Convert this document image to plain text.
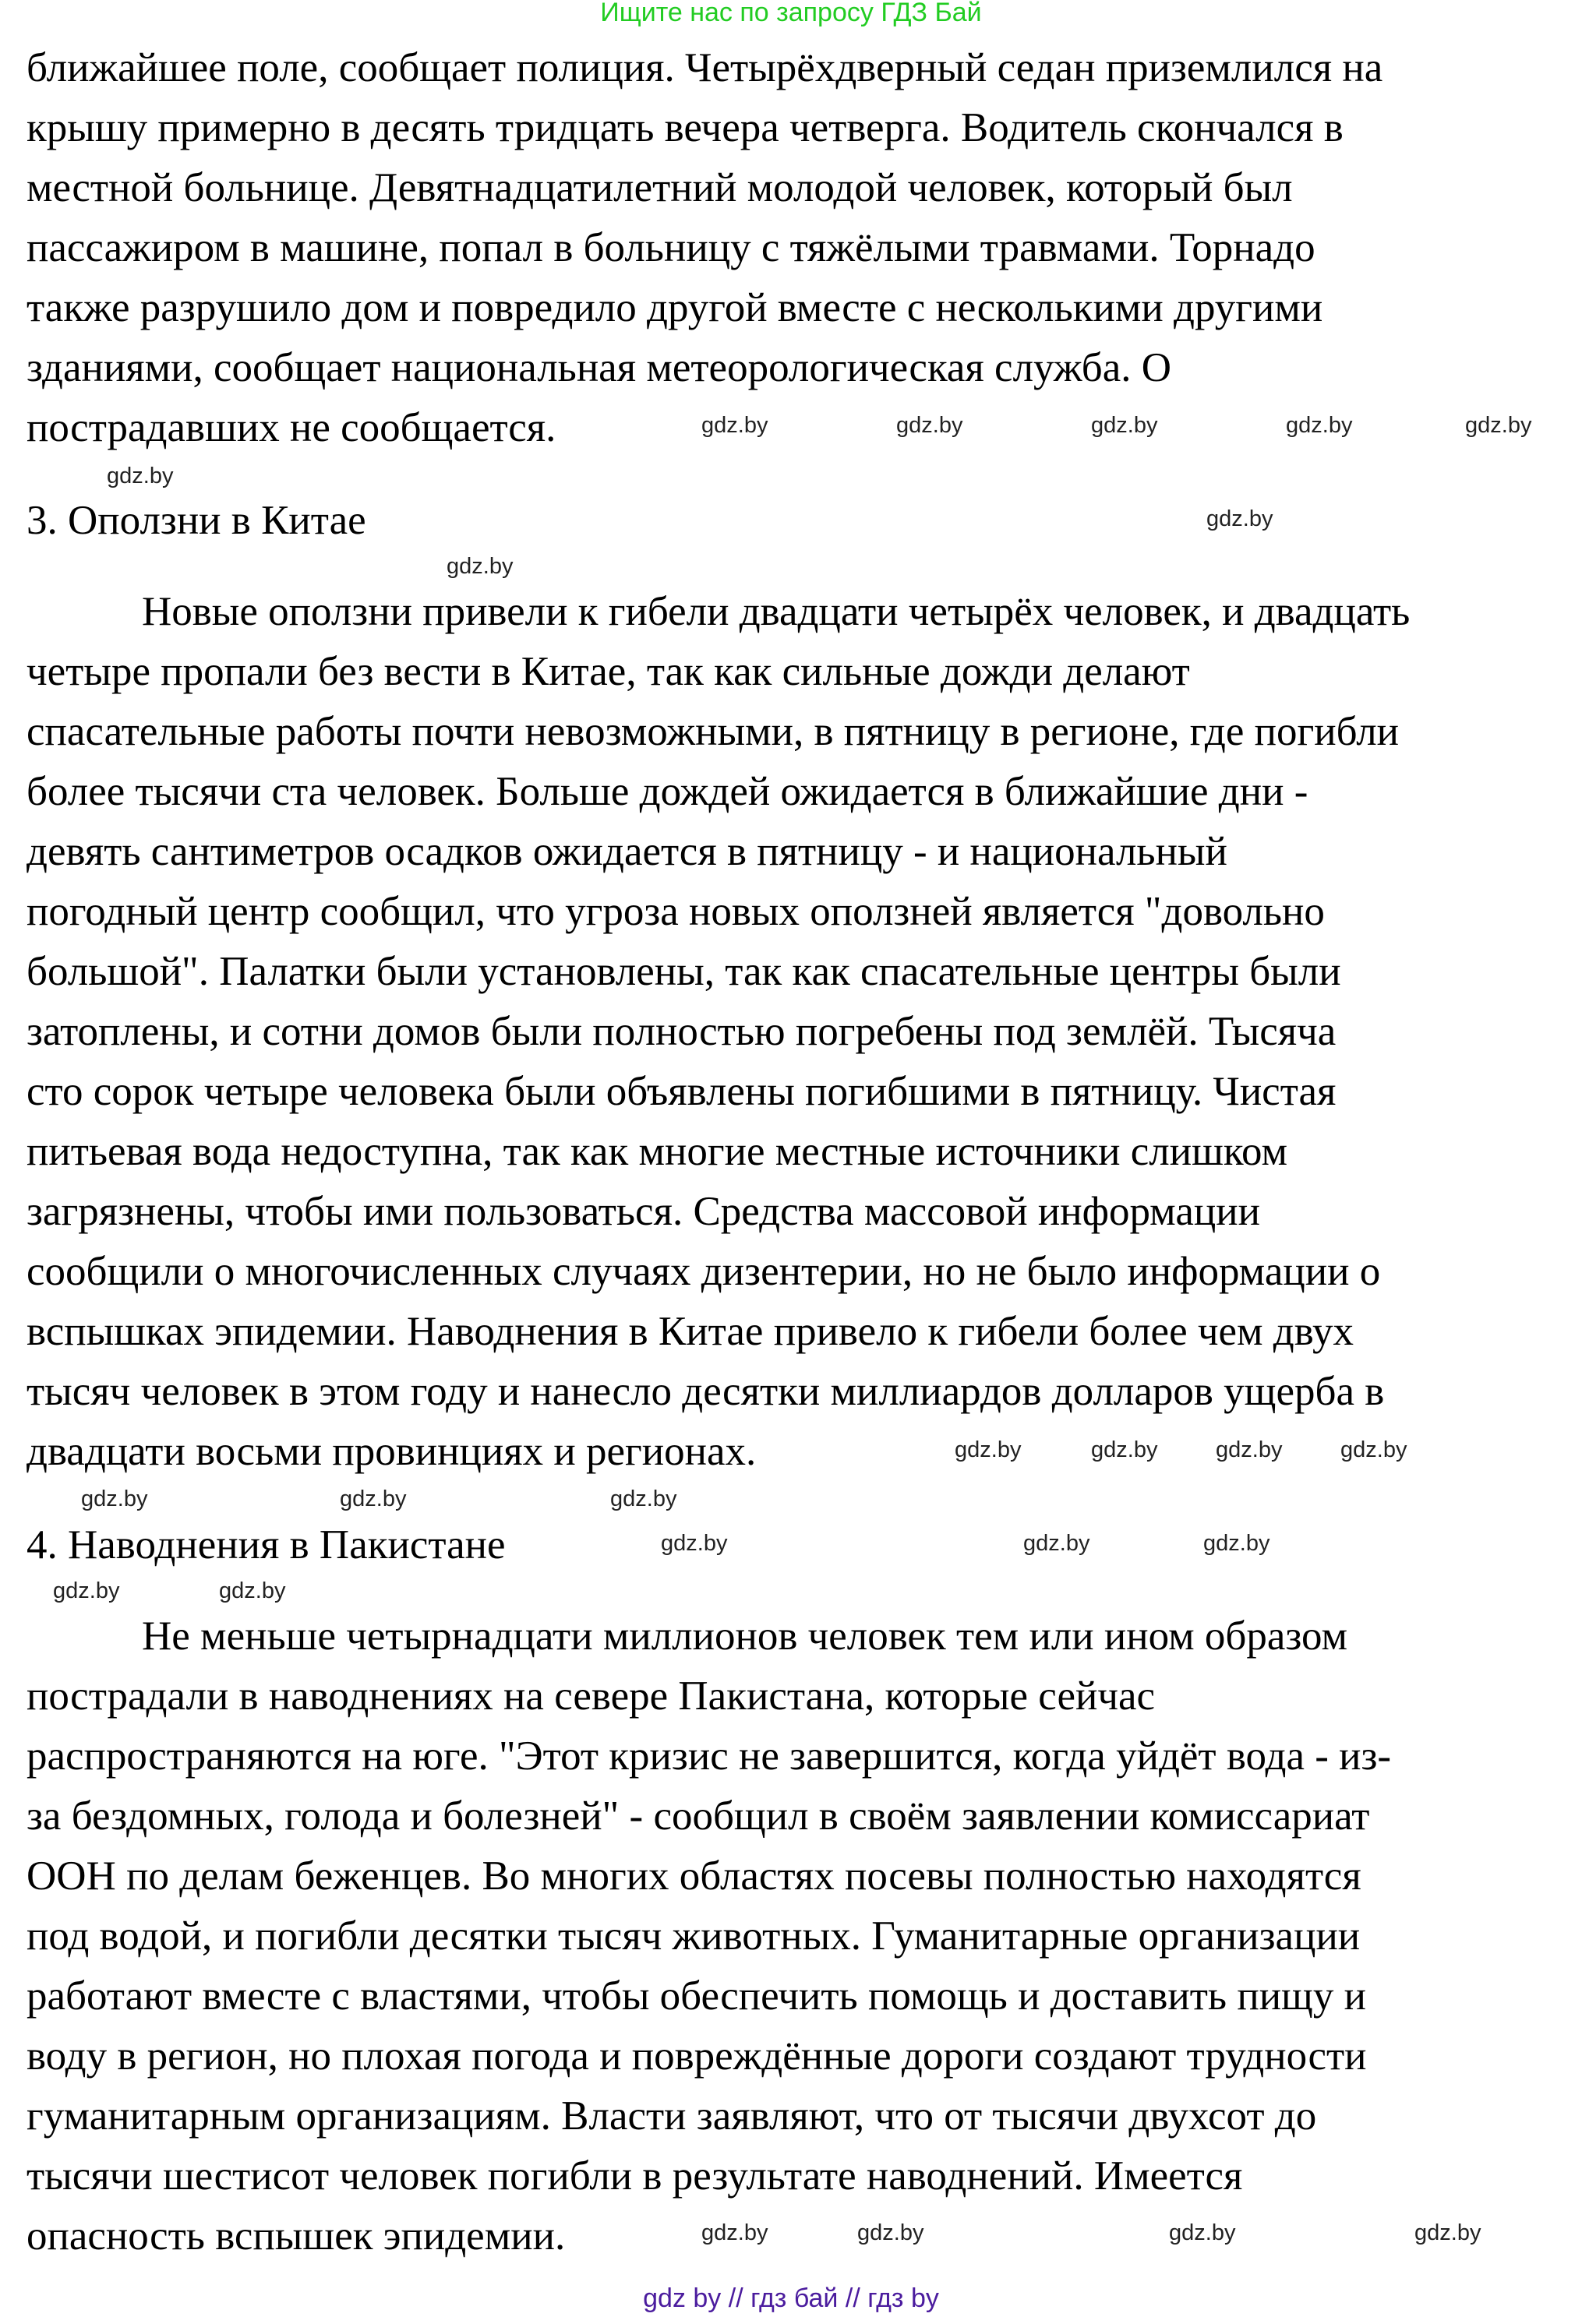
Ищите нас по запросу ГДЗ Бай
ближайшее поле, сообщает полиция. Четырёхдверный седан приземлился на
крышу примерно в десять тридцать вечера четверга. Водитель скончался в
местной больнице. Девятнадцатилетний молодой человек, который был
пассажиром в машине, попал в больницу с тяжёлыми травмами. Торнадо
также разрушило дом и повредило другой вместе с несколькими другими
зданиями, сообщает национальная метеорологическая служба. О
пострадавших не сообщается.
3. Оползни в Китае
Новые оползни привели к гибели двадцати четырёх человек, и двадцать
четыре пропали без вести в Китае, так как сильные дожди делают
спасательные работы почти невозможными, в пятницу в регионе, где погибли
более тысячи ста человек. Больше дождей ожидается в ближайшие дни -
девять сантиметров осадков ожидается в пятницу - и национальный
погодный центр сообщил, что угроза новых оползней является "довольно
большой". Палатки были установлены, так как спасательные центры были
затоплены, и сотни домов были полностью погребены под землёй. Тысяча
сто сорок четыре человека были объявлены погибшими в пятницу. Чистая
питьевая вода недоступна, так как многие местные источники слишком
загрязнены, чтобы ими пользоваться. Средства массовой информации
сообщили о многочисленных случаях дизентерии, но не было информации о
вспышках эпидемии. Наводнения в Китае привело к гибели более чем двух
тысяч человек в этом году и нанесло десятки миллиардов долларов ущерба в
двадцати восьми провинциях и регионах.
4. Наводнения в Пакистане
Не меньше четырнадцати миллионов человек тем или ином образом
пострадали в наводнениях на севере Пакистана, которые сейчас
распространяются на юге. "Этот кризис не завершится, когда уйдёт вода - из-
за бездомных, голода и болезней" - сообщил в своём заявлении комиссариат
ООН по делам беженцев. Во многих областях посевы полностью находятся
под водой, и погибли десятки тысяч животных. Гуманитарные организации
работают вместе с властями, чтобы обеспечить помощь и доставить пищу и
воду в регион, но плохая погода и повреждённые дороги создают трудности
гуманитарным организациям. Власти заявляют, что от тысячи двухсот до
тысячи шестисот человек погибли в результате наводнений. Имеется
опасность вспышек эпидемии.
gdz.by	gdz.by	gdz.by	gdz.by	gdz.by
gdz.by
gdz.by
gdz.by
gdz.by	gdz.by	gdz.by	gdz.by
gdz.by	gdz.by
gdz.by
gdz.by	gdz.by	gdz.by
gdz.by
gdz.by
gdz.by	gdz.by	gdz.by	gdz.by
gdz by // гдз бай // гдз by
